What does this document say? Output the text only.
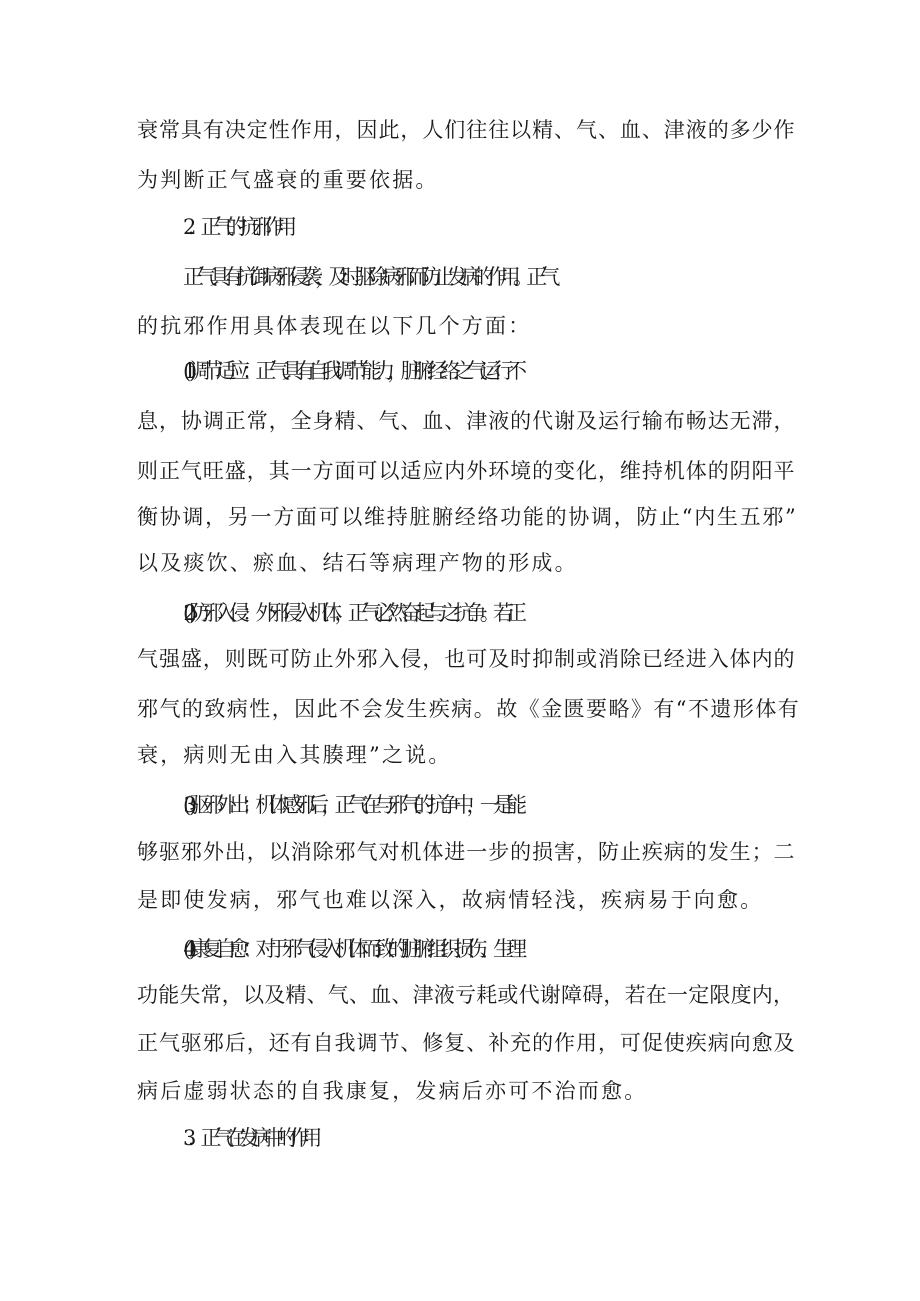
衰常具有决定性作用，因此，人们往往以精、气、血、津液的多少作
为判断正气盛衰的重要依据。
2．正气的抗邪作用
正气具有抗御病邪侵袭，及时驱除病邪而防止发病的作用。正气
的抗邪作用具体表现在以下几个方面：
(1)调节适应：正气具有自我调节能力，脏腑经络之气运行不
息，协调正常，全身精、气、血、津液的代谢及运行输布畅达无滞，
则正气旺盛，其一方面可以适应内外环境的变化，维持机体的阴阳平
衡协调，另一方面可以维持脏腑经络功能的协调，防止“内生五邪”
以及痰饮、瘀血、结石等病理产物的形成。
(2)防邪入侵：外邪侵入机体，正气必然奋起与之抗争。若正
气强盛，则既可防止外邪入侵，也可及时抑制或消除已经进入体内的
邪气的致病性，因此不会发生疾病。故《金匮要略》有“不遗形体有
衰，病则无由入其腠理”之说。
(3)驱邪外出：机体感邪后，正气在与邪气的抗争中，一是能
够驱邪外出，以消除邪气对机体进一步的损害，防止疾病的发生；二
是即使发病，邪气也难以深入，故病情轻浅，疾病易于向愈。
(4)康复自愈：对于邪气侵入机体而致的脏腑组织损伤、生理
功能失常，以及精、气、血、津液亏耗或代谢障碍，若在一定限度内，
正气驱邪后，还有自我调节、修复、补充的作用，可促使疾病向愈及
病后虚弱状态的自我康复，发病后亦可不治而愈。
3．正气在发病中的作用
